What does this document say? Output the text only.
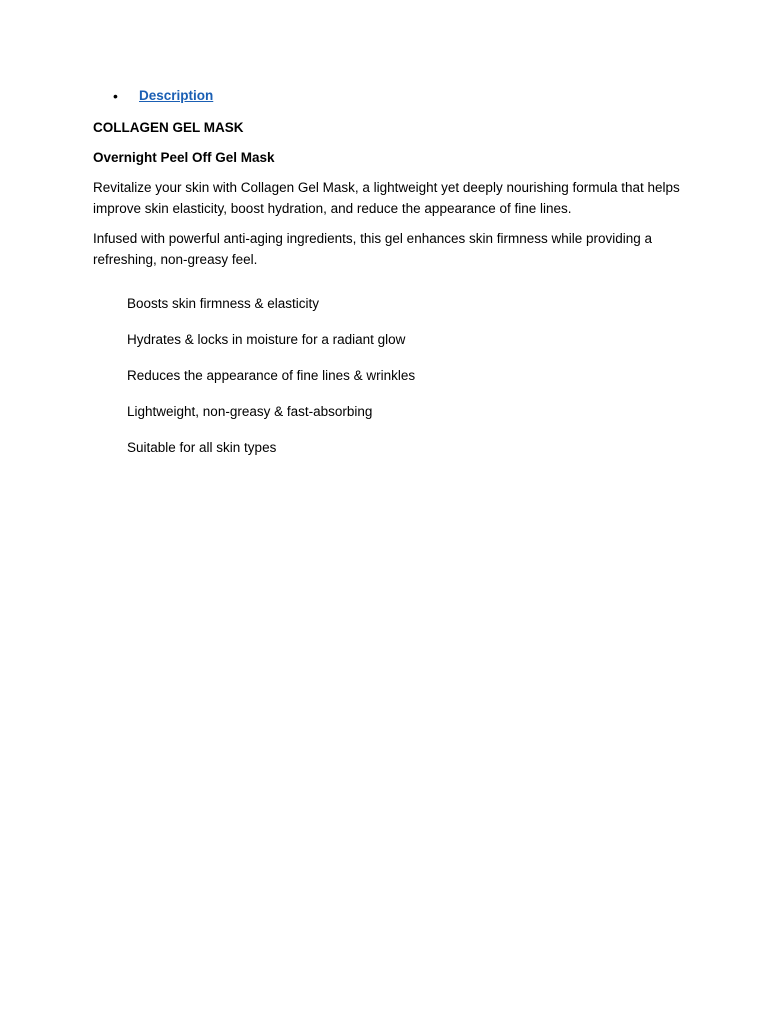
• Description

COLLAGEN GEL MASK

Overnight Peel Off Gel Mask

Revitalize your skin with Collagen Gel Mask, a lightweight yet deeply nourishing formula that helps improve skin elasticity, boost hydration, and reduce the appearance of fine lines.

Infused with powerful anti-aging ingredients, this gel enhances skin firmness while providing a refreshing, non-greasy feel.

Boosts skin firmness & elasticity
Hydrates & locks in moisture for a radiant glow
Reduces the appearance of fine lines & wrinkles
Lightweight, non-greasy & fast-absorbing
Suitable for all skin types
